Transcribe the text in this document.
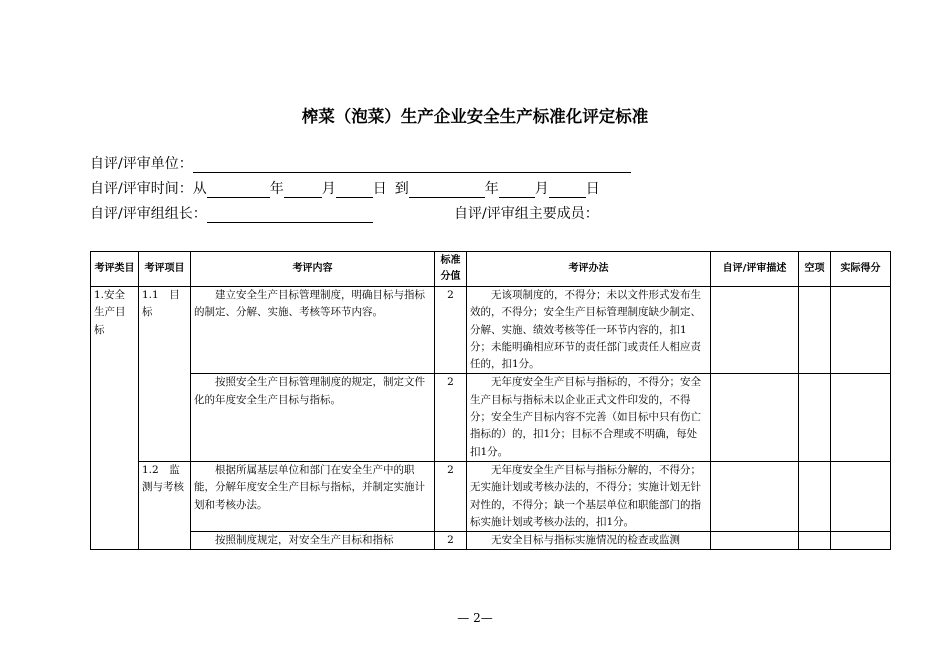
榨菜（泡菜）生产企业安全生产标准化评定标准
自评/评审单位：
自评/评审时间：从	年	月	日 到	年	月	日
自评/评审组组长：	自评/评审组主要成员：
考评类目	考评项目	考评内容	标准分值	考评办法	自评/评审描述	空项	实际得分
1.安全生产目标	1.1　目标	建立安全生产目标管理制度，明确目标与指标的制定、分解、实施、考核等环节内容。	2	无该项制度的，不得分；未以文件形式发布生效的，不得分；安全生产目标管理制度缺少制定、分解、实施、绩效考核等任一环节内容的，扣1分；未能明确相应环节的责任部门或责任人相应责任的，扣1分。			
		按照安全生产目标管理制度的规定，制定文件化的年度安全生产目标与指标。	2	无年度安全生产目标与指标的，不得分；安全生产目标与指标未以企业正式文件印发的，不得分；安全生产目标内容不完善（如目标中只有伤亡指标的）的，扣1分；目标不合理或不明确，每处扣1分。			
	1.2　监测与考核	根据所属基层单位和部门在安全生产中的职能，分解年度安全生产目标与指标，并制定实施计划和考核办法。	2	无年度安全生产目标与指标分解的，不得分；无实施计划或考核办法的，不得分；实施计划无针对性的，不得分；缺一个基层单位和职能部门的指标实施计划或考核办法的，扣1分。			
		按照制度规定，对安全生产目标和指标	2	无安全目标与指标实施情况的检查或监测			
— 2—
